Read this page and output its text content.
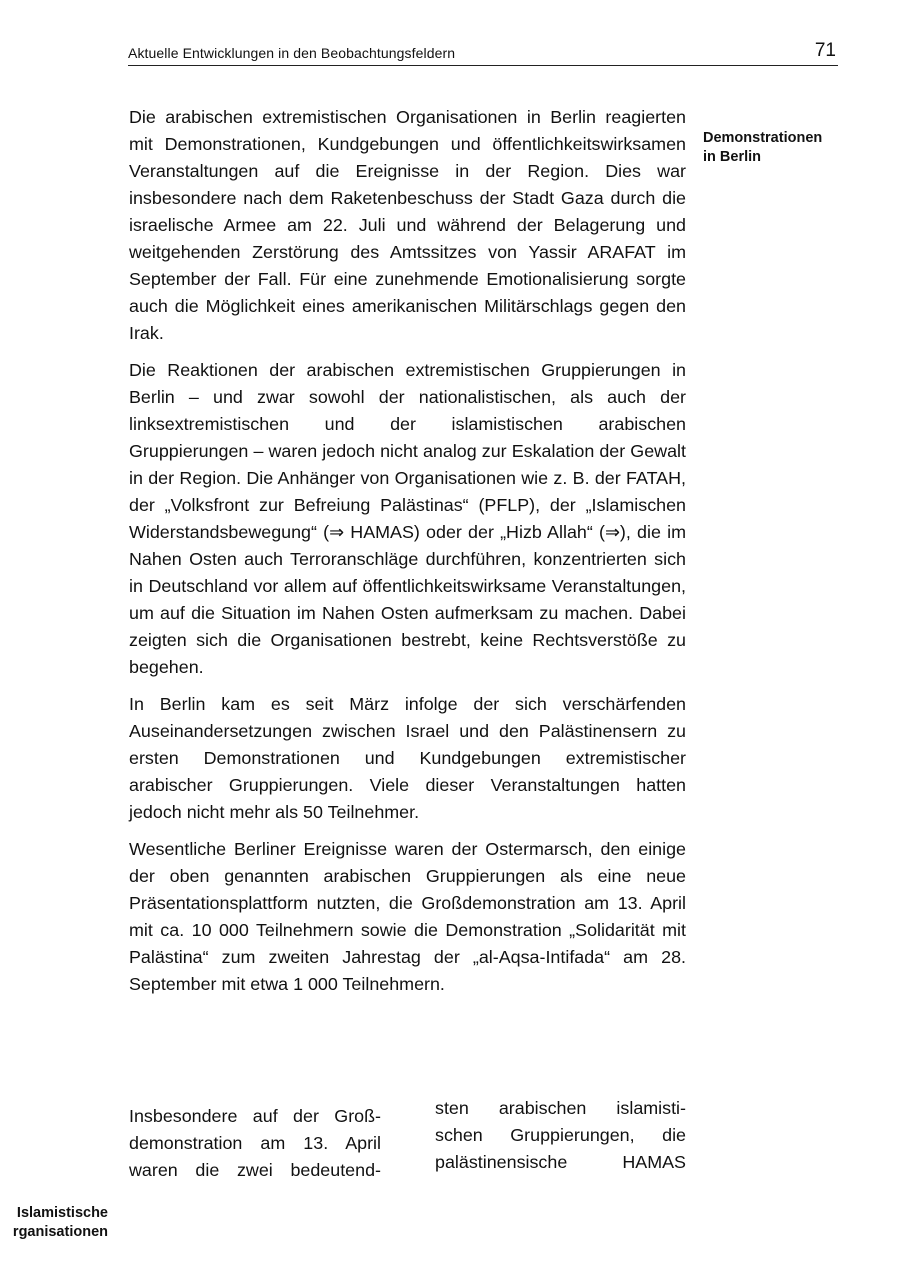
Aktuelle Entwicklungen in den Beobachtungsfeldern	71
Demonstrationen
in Berlin

Die arabischen extremistischen Organisationen in Berlin reagierten mit Demonstrationen, Kundgebungen und öffentlichkeitswirksamen Veranstaltungen auf die Ereignisse in der Region. Dies war insbesondere nach dem Raketenbeschuss der Stadt Gaza durch die israelische Armee am 22. Juli und während der Belagerung und weitgehenden Zerstörung des Amtssitzes von Yassir ARAFAT im September der Fall. Für eine zunehmende Emotionalisierung sorgte auch die Möglichkeit eines amerikanischen Militärschlags gegen den Irak.

Die Reaktionen der arabischen extremistischen Gruppierungen in Berlin – und zwar sowohl der nationalistischen, als auch der linksextremistischen und der islamistischen arabischen Gruppierungen – waren jedoch nicht analog zur Eskalation der Gewalt in der Region. Die Anhänger von Organisationen wie z. B. der FATAH, der „Volksfront zur Befreiung Palästinas“ (PFLP), der „Islamischen Widerstandsbewegung“ (⇒ HAMAS) oder der „Hizb Allah“ (⇒), die im Nahen Osten auch Terroranschläge durchführen, konzentrierten sich in Deutschland vor allem auf öffentlichkeitswirksame Veranstaltungen, um auf die Situation im Nahen Osten aufmerksam zu machen. Dabei zeigten sich die Organisationen bestrebt, keine Rechtsverstöße zu begehen.

In Berlin kam es seit März infolge der sich verschärfenden Auseinandersetzungen zwischen Israel und den Palästinensern zu ersten Demonstrationen und Kundgebungen extremistischer arabischer Gruppierungen. Viele dieser Veranstaltungen hatten jedoch nicht mehr als 50 Teilnehmer.

Wesentliche Berliner Ereignisse waren der Ostermarsch, den einige der oben genannten arabischen Gruppierungen als eine neue Präsentationsplattform nutzten, die Großdemonstration am 13. April mit ca. 10 000 Teilnehmern sowie die Demonstration „Solidarität mit Palästina“ zum zweiten Jahrestag der „al-Aqsa-Intifada“ am 28. September mit etwa 1 000 Teilnehmern.

Insbesondere auf der Groß-
demonstration am 13. April
waren die zwei bedeutend-
sten arabischen islamisti-
schen Gruppierungen, die
palästinensische HAMAS
Islamistische
rganisationen
